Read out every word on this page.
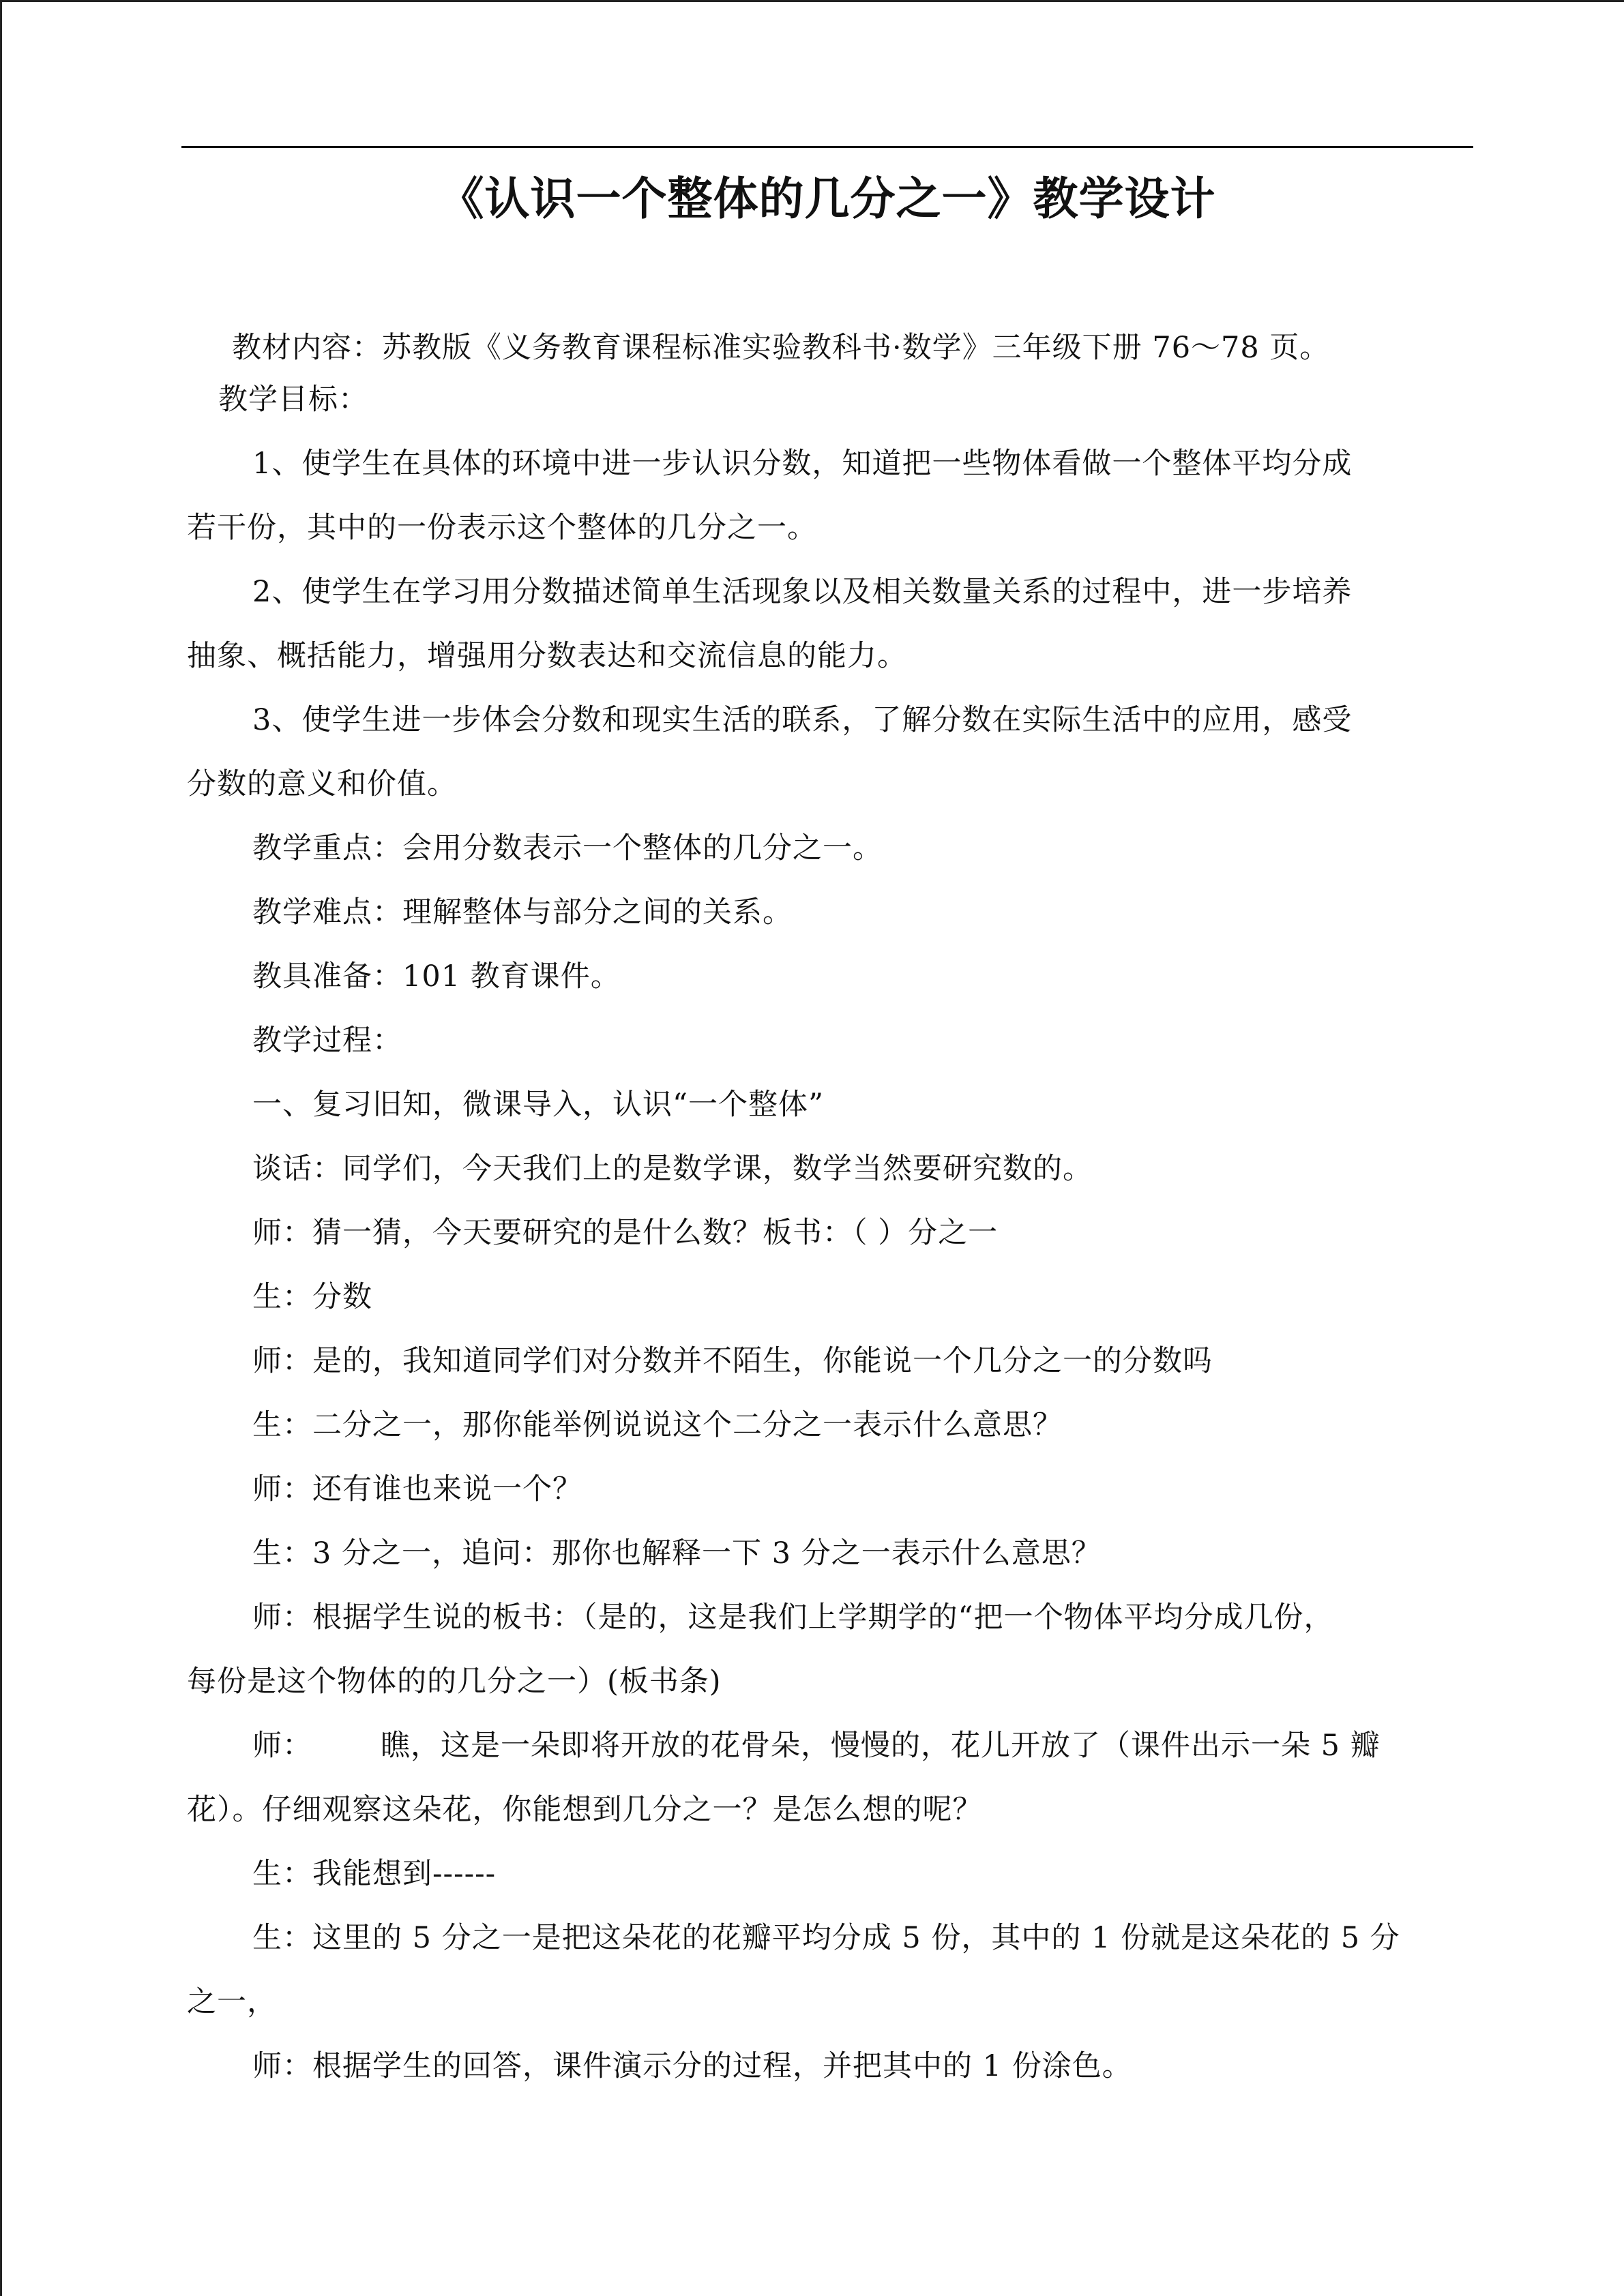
《认识一个整体的几分之一》教学设计
教材内容：苏教版《义务教育课程标准实验教科书·数学》三年级下册 76～78 页。
教学目标：
1、使学生在具体的环境中进一步认识分数，知道把一些物体看做一个整体平均分成
若干份，其中的一份表示这个整体的几分之一。
2、使学生在学习用分数描述简单生活现象以及相关数量关系的过程中，进一步培养
抽象、概括能力，增强用分数表达和交流信息的能力。
3、使学生进一步体会分数和现实生活的联系，了解分数在实际生活中的应用，感受
分数的意义和价值。
教学重点：会用分数表示一个整体的几分之一。
教学难点：理解整体与部分之间的关系。
教具准备：101 教育课件。
教学过程：
一、复习旧知，微课导入，认识“一个整体”
谈话：同学们，今天我们上的是数学课，数学当然要研究数的。
师：猜一猜，今天要研究的是什么数？板书：（ ）分之一
生：分数
师：是的，我知道同学们对分数并不陌生，你能说一个几分之一的分数吗
生：二分之一，那你能举例说说这个二分之一表示什么意思？
师：还有谁也来说一个？
生：3 分之一，追问：那你也解释一下 3 分之一表示什么意思？
师：根据学生说的板书：（是的，这是我们上学期学的“把一个物体平均分成几份，
每份是这个物体的的几分之一）(板书条)
师： 瞧，这是一朵即将开放的花骨朵，慢慢的，花儿开放了（课件出示一朵 5 瓣
花）。仔细观察这朵花，你能想到几分之一？是怎么想的呢？
生：我能想到------
生：这里的 5 分之一是把这朵花的花瓣平均分成 5 份，其中的 1 份就是这朵花的 5 分
之一，
师：根据学生的回答，课件演示分的过程，并把其中的 1 份涂色。
